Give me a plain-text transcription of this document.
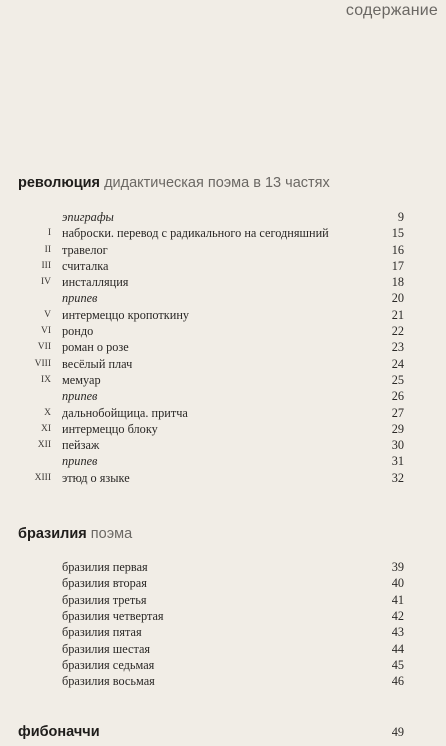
содержание
революция дидактическая поэма в 13 частях
эпиграфы	9
I наброски. перевод с радикального на сегодняшний	15
II травелог	16
III считалка	17
IV инсталляция	18
припев	20
V интермеццо кропоткину	21
VI рондо	22
VII роман о розе	23
VIII весёлый плач	24
IX мемуар	25
припев	26
X дальнобойщица. притча	27
XI интермеццо блоку	29
XII пейзаж	30
припев	31
XIII этюд о языке	32
бразилия поэма
бразилия первая	39
бразилия вторая	40
бразилия третья	41
бразилия четвертая	42
бразилия пятая	43
бразилия шестая	44
бразилия седьмая	45
бразилия восьмая	46
фибоначчи	49
